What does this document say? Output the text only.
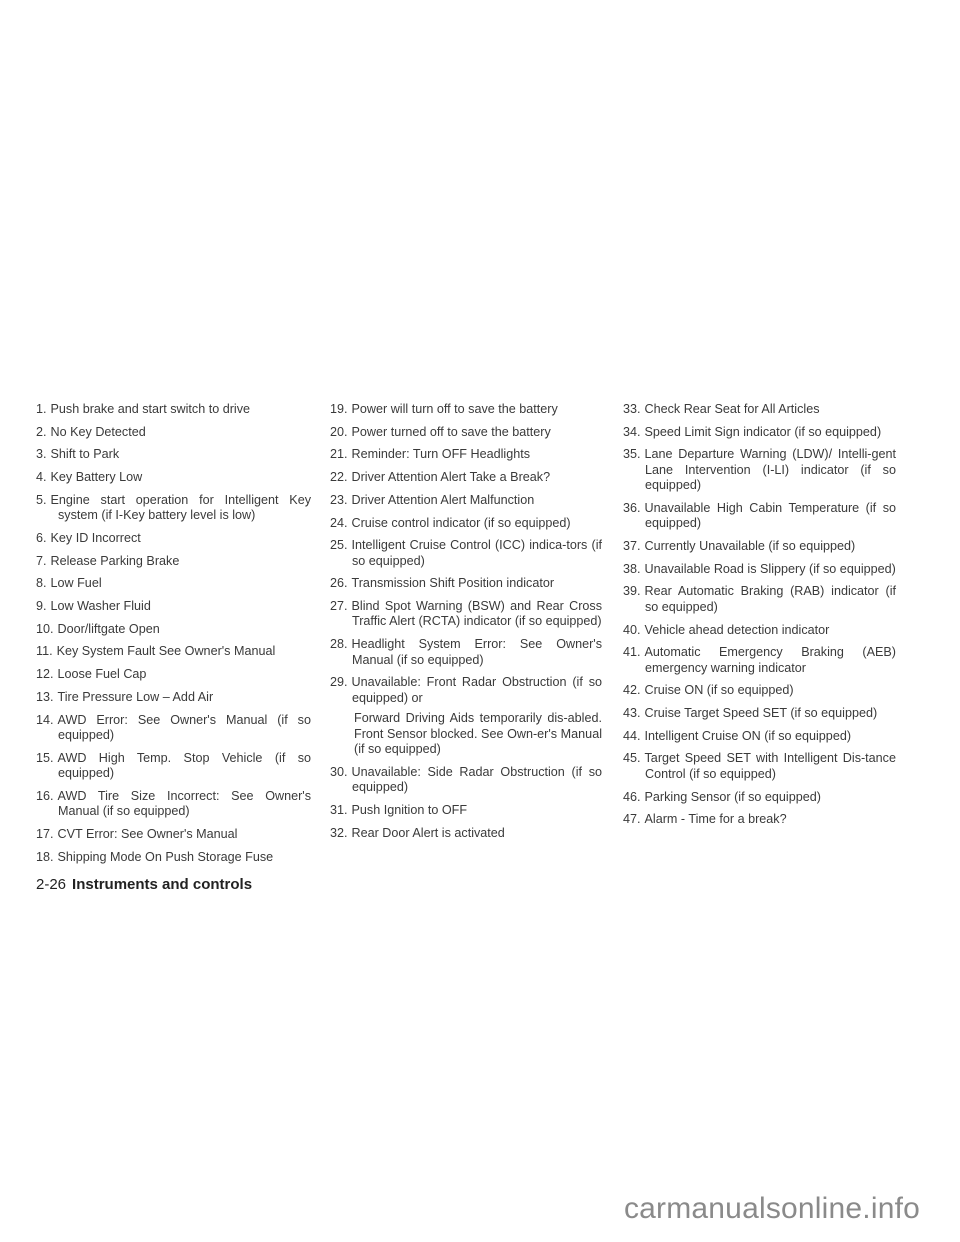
1. Push brake and start switch to drive
2. No Key Detected
3. Shift to Park
4. Key Battery Low
5. Engine start operation for Intelligent Key system (if I-Key battery level is low)
6. Key ID Incorrect
7. Release Parking Brake
8. Low Fuel
9. Low Washer Fluid
10. Door/liftgate Open
11. Key System Fault See Owner's Manual
12. Loose Fuel Cap
13. Tire Pressure Low – Add Air
14. AWD Error: See Owner's Manual (if so equipped)
15. AWD High Temp. Stop Vehicle (if so equipped)
16. AWD Tire Size Incorrect: See Owner's Manual (if so equipped)
17. CVT Error: See Owner's Manual
18. Shipping Mode On Push Storage Fuse
19. Power will turn off to save the battery
20. Power turned off to save the battery
21. Reminder: Turn OFF Headlights
22. Driver Attention Alert Take a Break?
23. Driver Attention Alert Malfunction
24. Cruise control indicator (if so equipped)
25. Intelligent Cruise Control (ICC) indica-tors (if so equipped)
26. Transmission Shift Position indicator
27. Blind Spot Warning (BSW) and Rear Cross Traffic Alert (RCTA) indicator (if so equipped)
28. Headlight System Error: See Owner's Manual (if so equipped)
29. Unavailable: Front Radar Obstruction (if so equipped) or
Forward Driving Aids temporarily dis-abled. Front Sensor blocked. See Own-er's Manual (if so equipped)
30. Unavailable: Side Radar Obstruction (if so equipped)
31. Push Ignition to OFF
32. Rear Door Alert is activated
33. Check Rear Seat for All Articles
34. Speed Limit Sign indicator (if so equipped)
35. Lane Departure Warning (LDW)/ Intelli-gent Lane Intervention (I-LI) indicator (if so equipped)
36. Unavailable High Cabin Temperature (if so equipped)
37. Currently Unavailable (if so equipped)
38. Unavailable Road is Slippery (if so equipped)
39. Rear Automatic Braking (RAB) indicator (if so equipped)
40. Vehicle ahead detection indicator
41. Automatic Emergency Braking (AEB) emergency warning indicator
42. Cruise ON (if so equipped)
43. Cruise Target Speed SET (if so equipped)
44. Intelligent Cruise ON (if so equipped)
45. Target Speed SET with Intelligent Dis-tance Control (if so equipped)
46. Parking Sensor (if so equipped)
47. Alarm - Time for a break?
2-26 Instruments and controls
carmanualsonline.info
